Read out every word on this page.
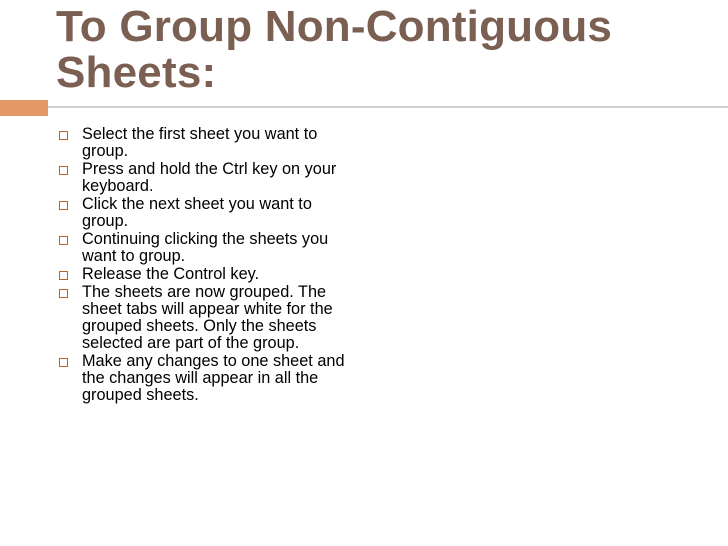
To Group Non-Contiguous Sheets:
Select the first sheet you want to group.
Press and hold the Ctrl key on your keyboard.
Click the next sheet you want to group.
Continuing clicking the sheets you want to group.
Release the Control key.
The sheets are now grouped. The sheet tabs will appear white for the grouped sheets. Only the sheets selected are part of the group.
Make any changes to one sheet and the changes will appear in all the grouped sheets.
